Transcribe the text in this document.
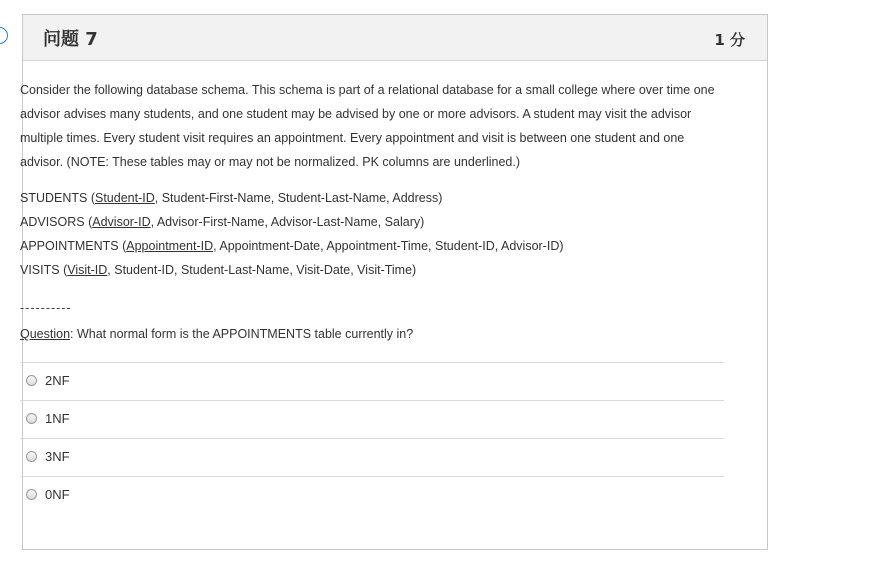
问题 7	1 分

Consider the following database schema. This schema is part of a relational database for a small college where over time one advisor advises many students, and one student may be advised by one or more advisors. A student may visit the advisor multiple times. Every student visit requires an appointment. Every appointment and visit is between one student and one advisor. (NOTE: These tables may or may not be normalized. PK columns are underlined.)

STUDENTS (Student-ID, Student-First-Name, Student-Last-Name, Address)
ADVISORS (Advisor-ID, Advisor-First-Name, Advisor-Last-Name, Salary)
APPOINTMENTS (Appointment-ID, Appointment-Date, Appointment-Time, Student-ID, Advisor-ID)
VISITS (Visit-ID, Student-ID, Student-Last-Name, Visit-Date, Visit-Time)
----------
Question: What normal form is the APPOINTMENTS table currently in?
2NF
1NF
3NF
0NF
